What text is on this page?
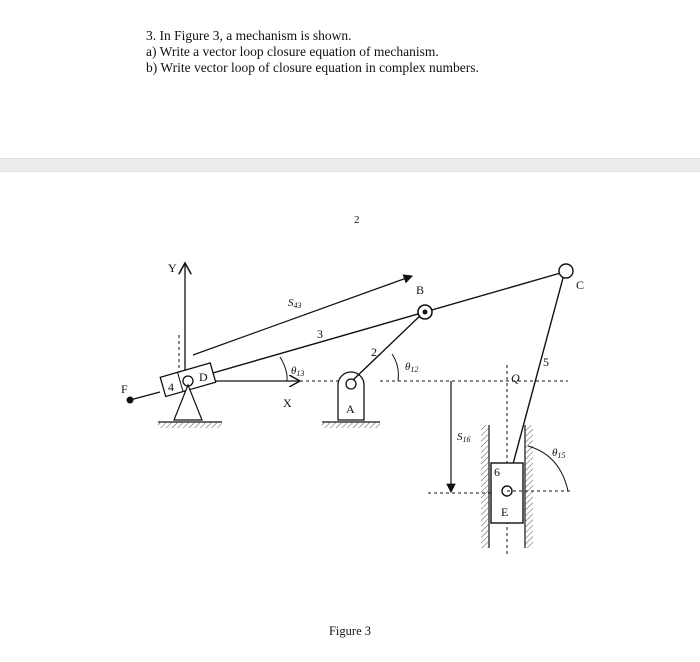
3. In Figure 3, a mechanism is shown.
a) Write a vector loop closure equation of mechanism.
b) Write vector loop of closure equation in complex numbers.
2
Y
X
S43
3
θ13
F	4
D
A
2
B
θ12
C
5
Q
S16
6
E
θ15
Figure 3
